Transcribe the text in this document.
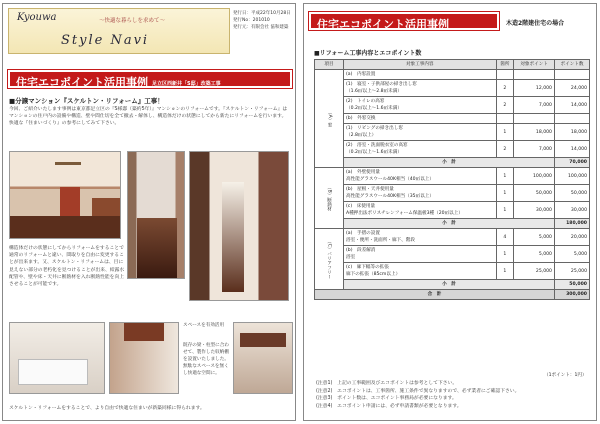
Kyouwa	〜快適な暮らしを求めて〜
Style Navi
発行日：平成22年10月28日
発行No：201010
発行元：有限会社 協和建築
住宅エコポイント活用事例 足立区西新井「S邸」改築工事
■分譲マンション『スケルトン・リフォーム』工事！
今回、ご紹介いたします事例は東京都足立区の『S様邸（築約5年）』マンションのリフォームです。『スケルトン・リフォーム』はマンションの住戸内の設備や構造、壁や間仕切を全て撤去・解体し、構造体だけの状態にしてから新たにリフォームを行います。快適な『住まいづくり』の参考にしてみて下さい。
構造体だけの状態にしてからリフォームをすることで通常のリフォームと違い、間取りを自由に変更することが出来ます。又、スケルトン・リフォームは、目に見えない部分の老朽化を見つけることが出来、結露水配管や、壁や床・天井に断熱材を入れ断熱性能を向上させることが可能です。
スペースを有効活用
既存の梁・柱型に合わせて、製作した収納棚を設置いたしました。無駄なスペースを無くし快適な空間に。
スケルトン・リフォームをすることで、より自由で快適な住まいが新築同様に得られます。
住宅エコポイント活用事例	木造2階建住宅の場合
■リフォーム工事内容とエコポイント数
項目	対象工事内容	箇所	対象ポイント	ポイント数
（A）窓	(a)　内窓設置			

	(1)　寝室・子供部屋の掃き出し窓
（1.6㎡以上〜2.8㎡未満）	2	12,000	24,000

	(2)　トイレの高窓
（0.2㎡以上〜1.6㎡未満）	2	7,000	14,000
	(b)　外窓交換			

	(1)　リビングの掃き出し窓
（2.8㎡以上）	1	18,000	18,000

	(2)　浴室・洗面脱衣室の高窓
（0.2㎡以上〜1.6㎡未満）	2	7,000	14,000
	小　計			70,000
（B）断熱材	(a)　外壁使用量
高性能グラスウール40K相当（40㎡以上）	1	100,000	100,000

	(b)　屋根・天井使用量
高性能グラスウール40K相当（35㎡以上）	1	50,000	50,000

	(c)　床使用量
A種押出法ポリスチレンフォーム保温板3種（20㎡以上）	1	30,000	30,000
	小　計			180,000
（C）バリアフリー	(a)　手摺の設置
浴室・便所・洗面所・廊下、階段	4	5,000	20,000

	(b)　段差解消
浴室	1	5,000	5,000

	(c)　廊下幅等の拡張
廊下の拡張（85cm以上）	1	25,000	25,000
	小　計			50,000
合　計				300,000
（1ポイント：1円）
(注意1)　上記の工事範囲及びエコポイントは参考として下さい。
(注意2)　エコポイントは、工事箇所、施工条件で異なりますので、必ず業者にご確認下さい。
(注意3)　ポイント数は、エコポイント事務局が必要になります。
(注意4)　エコポイント申請には、必ず申請書類が必要となります。
